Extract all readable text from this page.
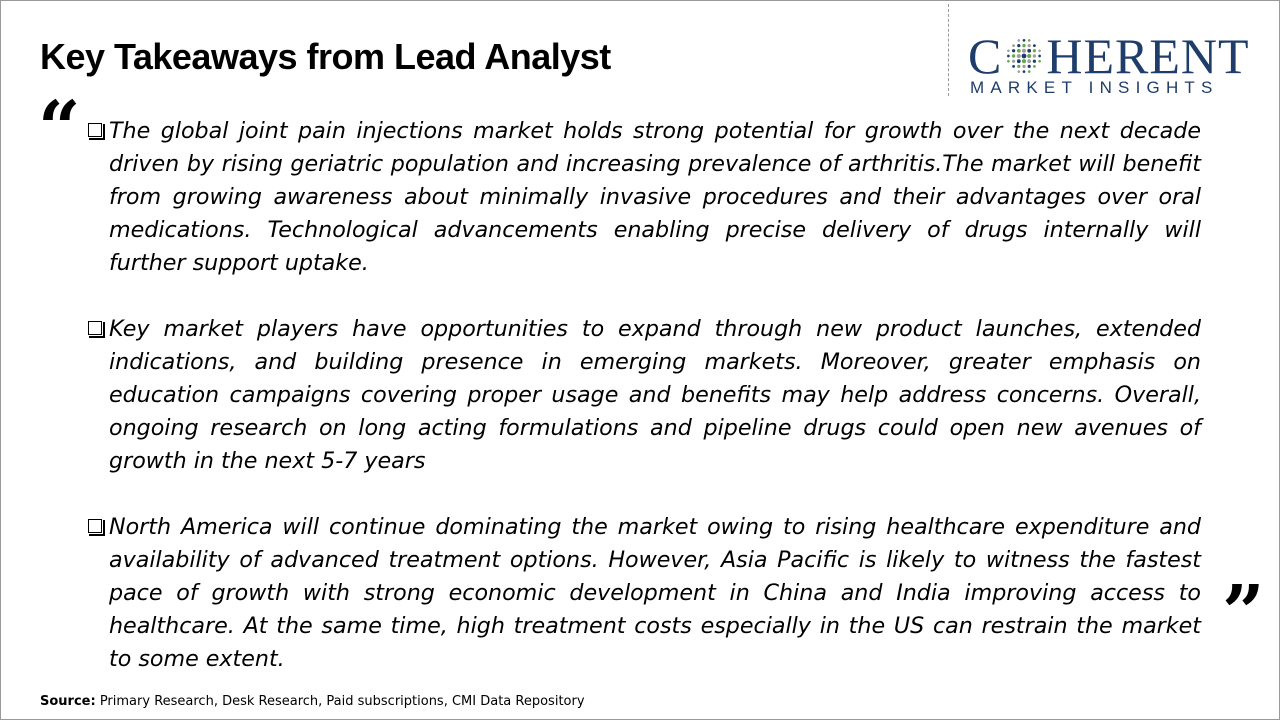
Key Takeaways from Lead Analyst	C HERENT
MARKET INSIGHTS
“ The global joint pain injections market holds strong potential for growth over the next decade driven by rising geriatric population and increasing prevalence of arthritis.The market will benefit from growing awareness about minimally invasive procedures and their advantages over oral medications. Technological advancements enabling precise delivery of drugs internally will further support uptake.

Key market players have opportunities to expand through new product launches, extended indications, and building presence in emerging markets. Moreover, greater emphasis on education campaigns covering proper usage and benefits may help address concerns. Overall, ongoing research on long acting formulations and pipeline drugs could open new avenues of growth in the next 5-7 years

North America will continue dominating the market owing to rising healthcare expenditure and availability of advanced treatment options. However, Asia Pacific is likely to witness the fastest pace of growth with strong economic development in China and India improving access to healthcare. At the same time, high treatment costs especially in the US can restrain the market to some extent.

”
Source: Primary Research, Desk Research, Paid subscriptions, CMI Data Repository
